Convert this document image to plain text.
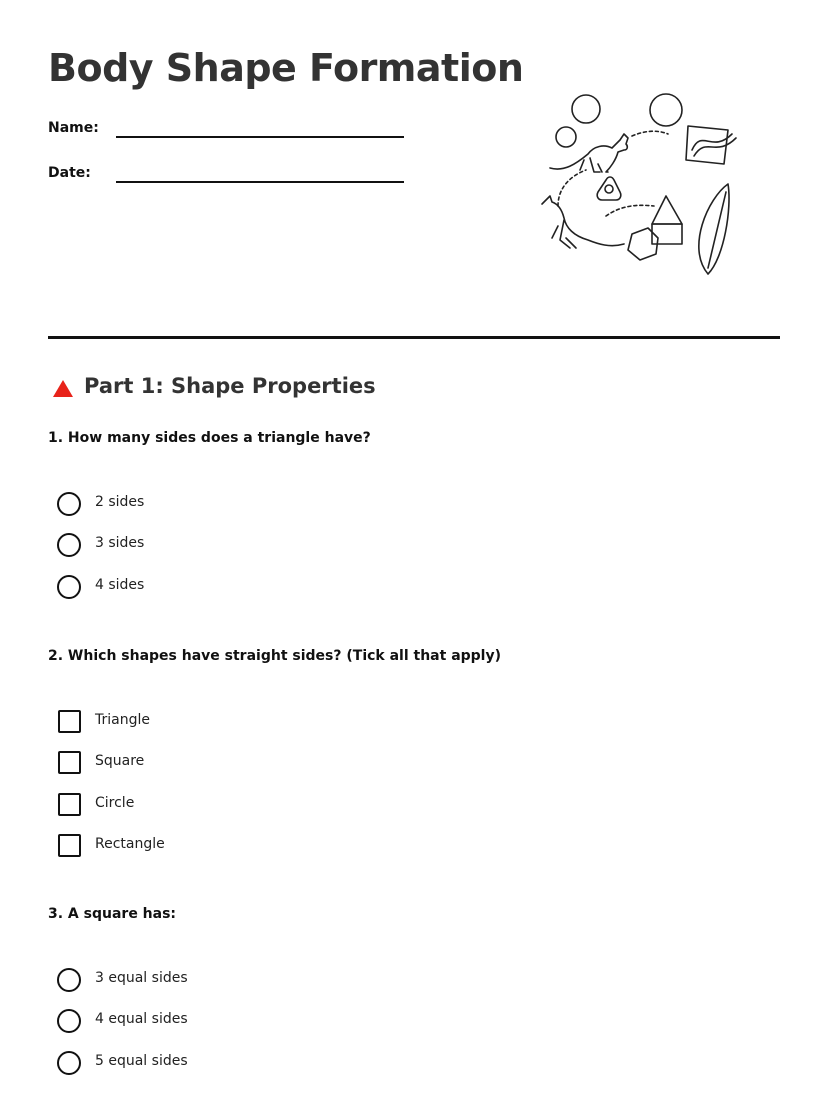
Body Shape Formation
Name:
Date:
Part 1: Shape Properties
1. How many sides does a triangle have?
2 sides
3 sides
4 sides
2. Which shapes have straight sides? (Tick all that apply)
Triangle
Square
Circle
Rectangle
3. A square has:
3 equal sides
4 equal sides
5 equal sides
